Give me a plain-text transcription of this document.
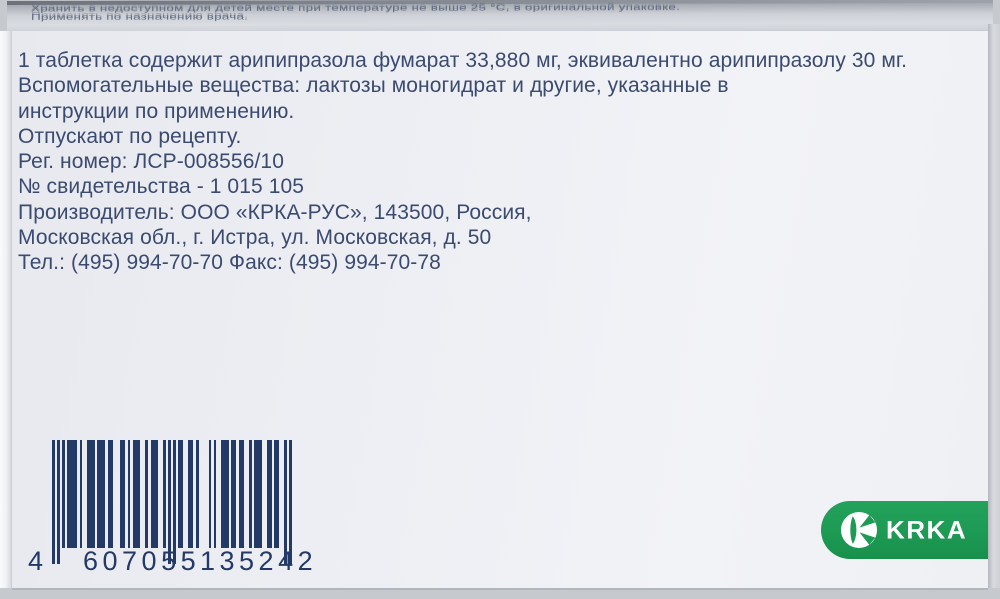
Хранить в недоступном для детей месте при температуре не выше 25 °C, в оригинальной упаковке.
Применять по назначению врача.
1 таблетка содержит арипипразола фумарат 33,880 мг, эквивалентно арипипразолу 30 мг.
Вспомогательные вещества: лактозы моногидрат и другие, указанные в
инструкции по применению.
Отпускают по рецепту.
Рег. номер: ЛСР-008556/10
№ свидетельства - 1 015 105
Производитель: ООО «КРКА-РУС», 143500, Россия,
Московская обл., г. Истра, ул. Московская, д. 50
Тел.: (495) 994-70-70 Факс: (495) 994-70-78
4 607055 135242
KRKA
